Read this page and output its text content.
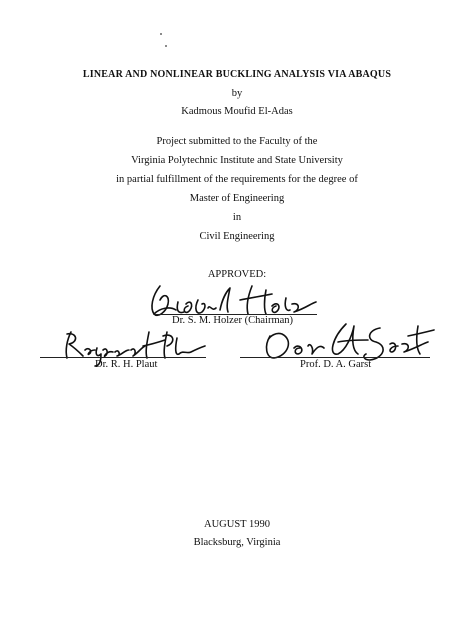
LINEAR AND NONLINEAR BUCKLING ANALYSIS VIA ABAQUS
by
Kadmous Moufid El-Adas
Project submitted to the Faculty of the
Virginia Polytechnic Institute and State University
in partial fulfillment of the requirements for the degree of
Master of Engineering
in
Civil Engineering
APPROVED:
Dr. S. M. Holzer (Chairman)
Dr. R. H. Plaut	Prof. D. A. Garst
AUGUST 1990
Blacksburg, Virginia
